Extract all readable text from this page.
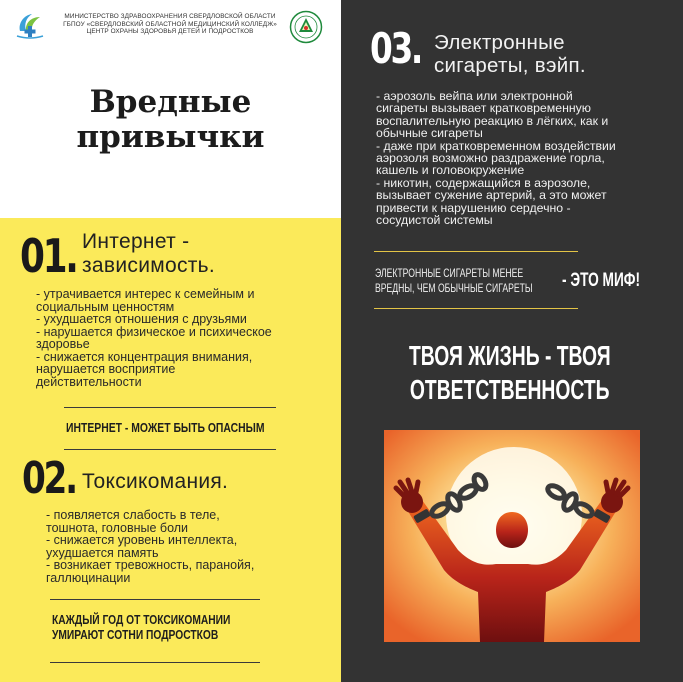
МИНИСТЕРСТВО ЗДРАВООХРАНЕНИЯ СВЕРДЛОВСКОЙ ОБЛАСТИ
ГБПОУ «СВЕРДЛОВСКИЙ ОБЛАСТНОЙ МЕДИЦИНСКИЙ КОЛЛЕДЖ»
ЦЕНТР ОХРАНЫ ЗДОРОВЬЯ ДЕТЕЙ И ПОДРОСТКОВ
Вредные
привычки
01. Интернет -
зависимость.
- утрачивается интерес к семейным и
социальным ценностям
- ухудшается отношения с друзьями
- нарушается физическое и психическое
здоровье
- снижается концентрация внимания,
нарушается восприятие
действительности
ИНТЕРНЕТ - МОЖЕТ БЫТЬ ОПАСНЫМ
02. Токсикомания.
- появляется слабость в теле,
тошнота, головные боли
- снижается уровень интеллекта,
ухудшается память
- возникает тревожность, паранойя,
галлюцинации
КАЖДЫЙ ГОД ОТ ТОКСИКОМАНИИ
УМИРАЮТ СОТНИ ПОДРОСТКОВ
03. Электронные
сигареты, вэйп.
- аэрозоль вейпа или электронной
сигареты вызывает кратковременную
воспалительную реакцию в лёгких, как и
обычные сигареты
- даже при кратковременном воздействии
аэрозоля возможно раздражение горла,
кашель и головокружение
- никотин, содержащийся в аэрозоле,
вызывает сужение артерий, а это может
привести к нарушению сердечно -
сосудистой системы
ЭЛЕКТРОННЫЕ СИГАРЕТЫ МЕНЕЕ
ВРЕДНЫ, ЧЕМ ОБЫЧНЫЕ СИГАРЕТЫ - ЭТО МИФ!
ТВОЯ ЖИЗНЬ - ТВОЯ
ОТВЕТСТВЕННОСТЬ
